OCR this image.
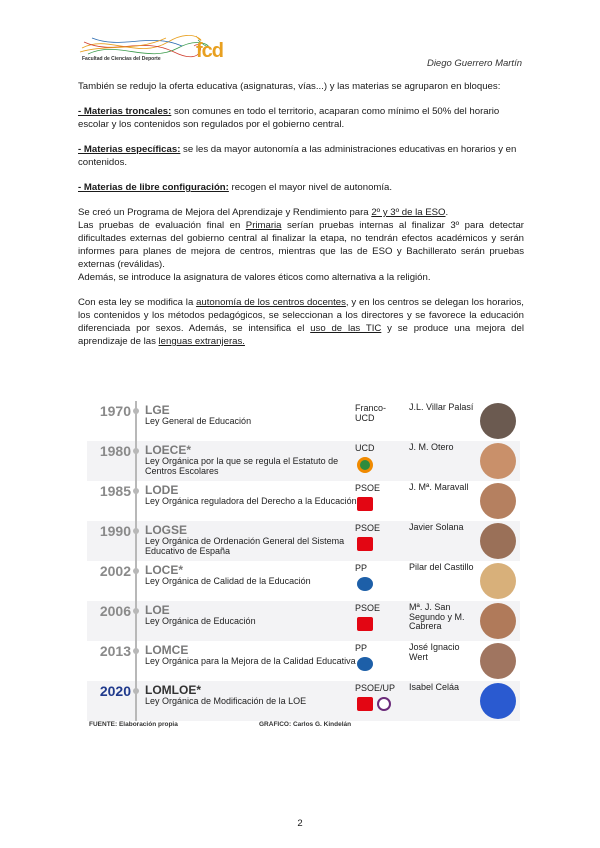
Facultad de Ciencias del Deporte fcd
Diego Guerrero Martín

También se redujo la oferta educativa (asignaturas, vías...) y las materias se agruparon en bloques:

- Materias troncales: son comunes en todo el territorio, acaparan como mínimo el 50% del horario escolar y los contenidos son regulados por el gobierno central.

- Materias específicas: se les da mayor autonomía a las administraciones educativas en horarios y en contenidos.

- Materias de libre configuración: recogen el mayor nivel de autonomía.

Se creó un Programa de Mejora del Aprendizaje y Rendimiento para 2º y 3º de la ESO.
Las pruebas de evaluación final en Primaria serían pruebas internas al finalizar 3º para detectar dificultades externas del gobierno central al finalizar la etapa, no tendrán efectos académicos y serán informes para planes de mejora de centros, mientras que las de ESO y Bachillerato serán pruebas externas (reválidas).
Además, se introduce la asignatura de valores éticos como alternativa a la religión.

Con esta ley se modifica la autonomía de los centros docentes, y en los centros se delegan los horarios, los contenidos y los métodos pedagógicos, se seleccionan a los directores y se favorece la educación diferenciada por sexos. Además, se intensifica el uso de las TIC y se produce una mejora del aprendizaje de las lenguas extranjeras.

FUENTE: Elaboración propia	GRÁFICO: Carlos G. Kindelán
1970 LGE
Ley General de Educación
Franco-UCD
J.L. Villar Palasí
1980 LOECE*
Ley Orgánica por la que se regula el Estatuto de Centros Escolares
UCD	J. M. Otero
1985 LODE
Ley Orgánica reguladora del Derecho a la Educación
PSOE	J. Mª. Maravall
1990 LOGSE
Ley Orgánica de Ordenación General del Sistema Educativo de España
PSOE	Javier Solana
2002 LOCE*
Ley Orgánica de Calidad de la Educación
PP	Pilar del Castillo
2006 LOE
Ley Orgánica de Educación
PSOE	Mª. J. San Segundo y M. Cabrera
2013 LOMCE
Ley Orgánica para la Mejora de la Calidad Educativa
PP	José Ignacio Wert
2020 LOMLOE*
Ley Orgánica de Modificación de la LOE
PSOE/UP	Isabel Celáa
2
